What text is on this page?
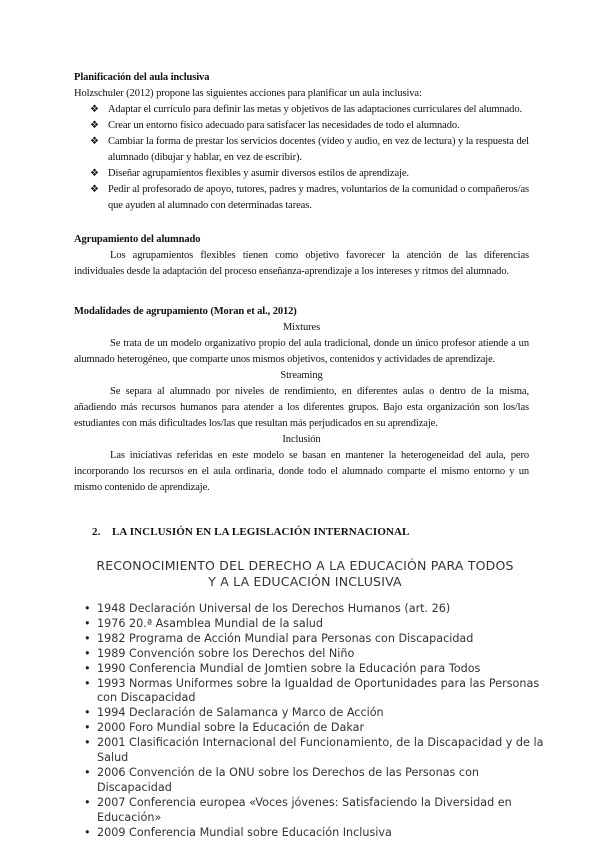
Planificación del aula inclusiva
Holzschuler (2012) propone las siguientes acciones para planificar un aula inclusiva:
❖ Adaptar el currículo para definir las metas y objetivos de las adaptaciones curriculares del alumnado.
❖ Crear un entorno físico adecuado para satisfacer las necesidades de todo el alumnado.
❖ Cambiar la forma de prestar los servicios docentes (vídeo y audio, en vez de lectura) y la respuesta del alumnado (dibujar y hablar, en vez de escribir).
❖ Diseñar agrupamientos flexibles y asumir diversos estilos de aprendizaje.
❖ Pedir al profesorado de apoyo, tutores, padres y madres, voluntarios de la comunidad o compañeros/as que ayuden al alumnado con determinadas tareas.
Agrupamiento del alumnado
Los agrupamientos flexibles tienen como objetivo favorecer la atención de las diferencias individuales desde la adaptación del proceso enseñanza-aprendizaje a los intereses y ritmos del alumnado.
Modalidades de agrupamiento (Moran et al., 2012)
Mixtures
Se trata de un modelo organizativo propio del aula tradicional, donde un único profesor atiende a un alumnado heterogéneo, que comparte unos mismos objetivos, contenidos y actividades de aprendizaje.
Streaming
Se separa al alumnado por niveles de rendimiento, en diferentes aulas o dentro de la misma, añadiendo más recursos humanos para atender a los diferentes grupos. Bajo esta organización son los/las estudiantes con más dificultades los/las que resultan más perjudicados en su aprendizaje.
Inclusión
Las iniciativas referidas en este modelo se basan en mantener la heterogeneidad del aula, pero incorporando los recursos en el aula ordinaria, donde todo el alumnado comparte el mismo entorno y un mismo contenido de aprendizaje.
2. LA INCLUSIÓN EN LA LEGISLACIÓN INTERNACIONAL
RECONOCIMIENTO DEL DERECHO A LA EDUCACIÓN PARA TODOS
Y A LA EDUCACIÓN INCLUSIVA
• 1948 Declaración Universal de los Derechos Humanos (art. 26)
• 1976 20.ª Asamblea Mundial de la salud
• 1982 Programa de Acción Mundial para Personas con Discapacidad
• 1989 Convención sobre los Derechos del Niño
• 1990 Conferencia Mundial de Jomtien sobre la Educación para Todos
• 1993 Normas Uniformes sobre la Igualdad de Oportunidades para las Personas con Discapacidad
• 1994 Declaración de Salamanca y Marco de Acción
• 2000 Foro Mundial sobre la Educación de Dakar
• 2001 Clasificación Internacional del Funcionamiento, de la Discapacidad y de la Salud
• 2006 Convención de la ONU sobre los Derechos de las Personas con Discapacidad
• 2007 Conferencia europea «Voces jóvenes: Satisfaciendo la Diversidad en Educación»
• 2009 Conferencia Mundial sobre Educación Inclusiva
